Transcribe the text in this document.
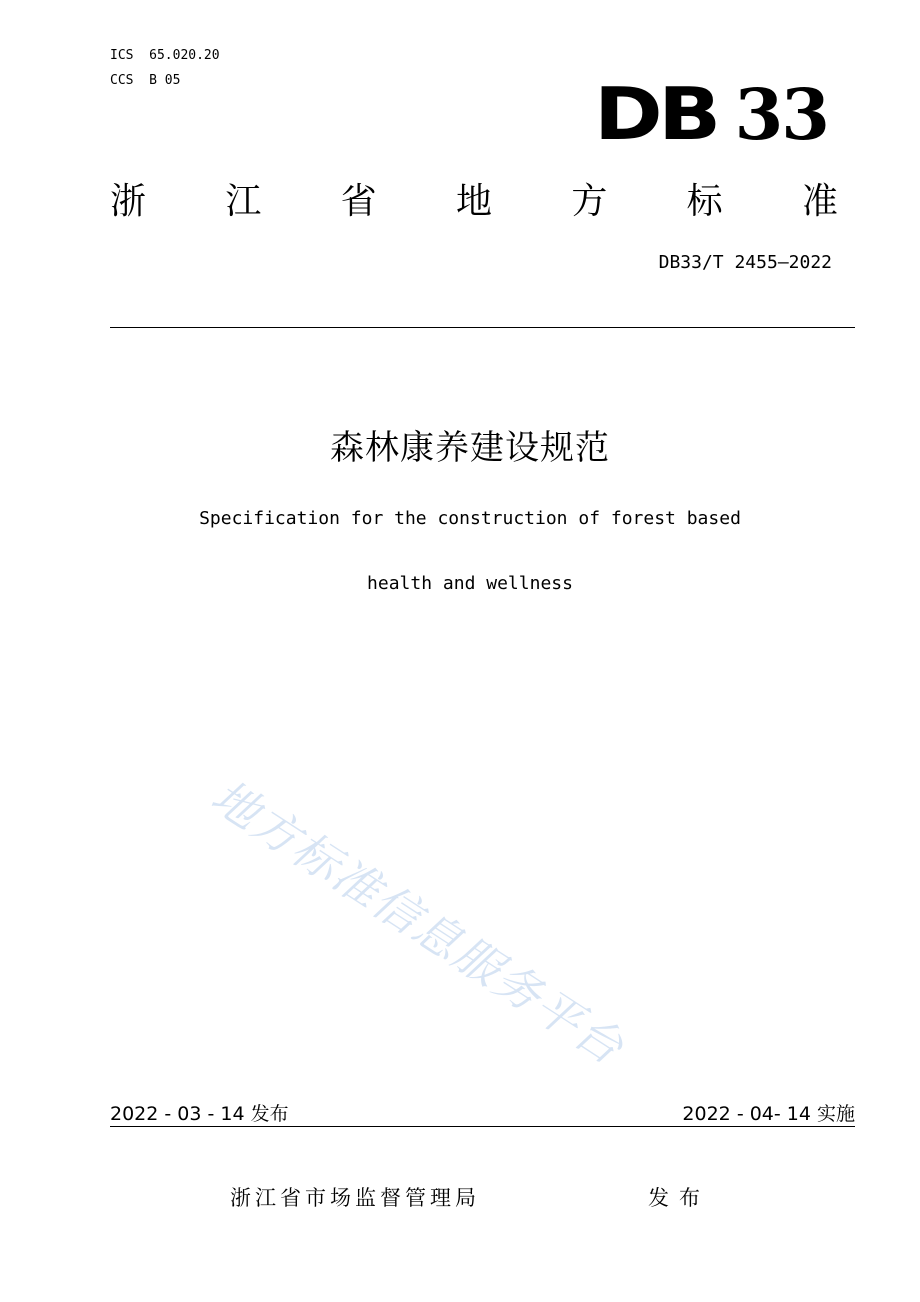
ICS  65.020.20
CCS  B 05	DB 33
浙 江 省 地 方 标 准
DB33/T 2455—2022
森林康养建设规范
Specification for the construction of forest based
health and wellness
地方标准信息服务平台
2022 - 03 - 14 发布	2022 - 04- 14 实施
浙江省市场监督管理局	发布
